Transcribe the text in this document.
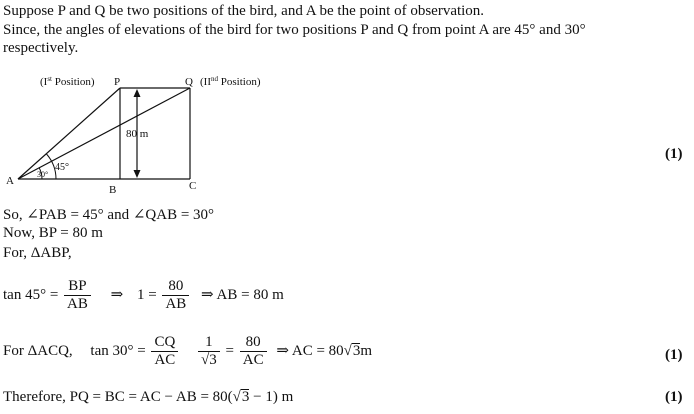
Suppose P and Q be two positions of the bird, and A be the point of observation.
Since, the angles of elevations of the bird for two positions P and Q from point A are 45° and 30°
respectively.
(Ist Position) P	Q (IInd Position)
80 m
45°
30°
A
B	C
(1)
(1)
(1)
So, ∠PAB = 45° and ∠QAB = 30°
Now, BP = 80 m
For, ΔABP,
$\tan 45^\circ = \frac{BP}{AB}$ ⇒ $1 = \frac{80}{AB}$ ⇒ AB = 80 m
For ΔACQ, $\tan 30^\circ = \frac{CQ}{AC}$
$\frac{1}{√3} = \frac{80}{AC}$ ⇒ AC = 80√3m
Therefore, PQ = BC = AC − AB = 80(√3 − 1) m
